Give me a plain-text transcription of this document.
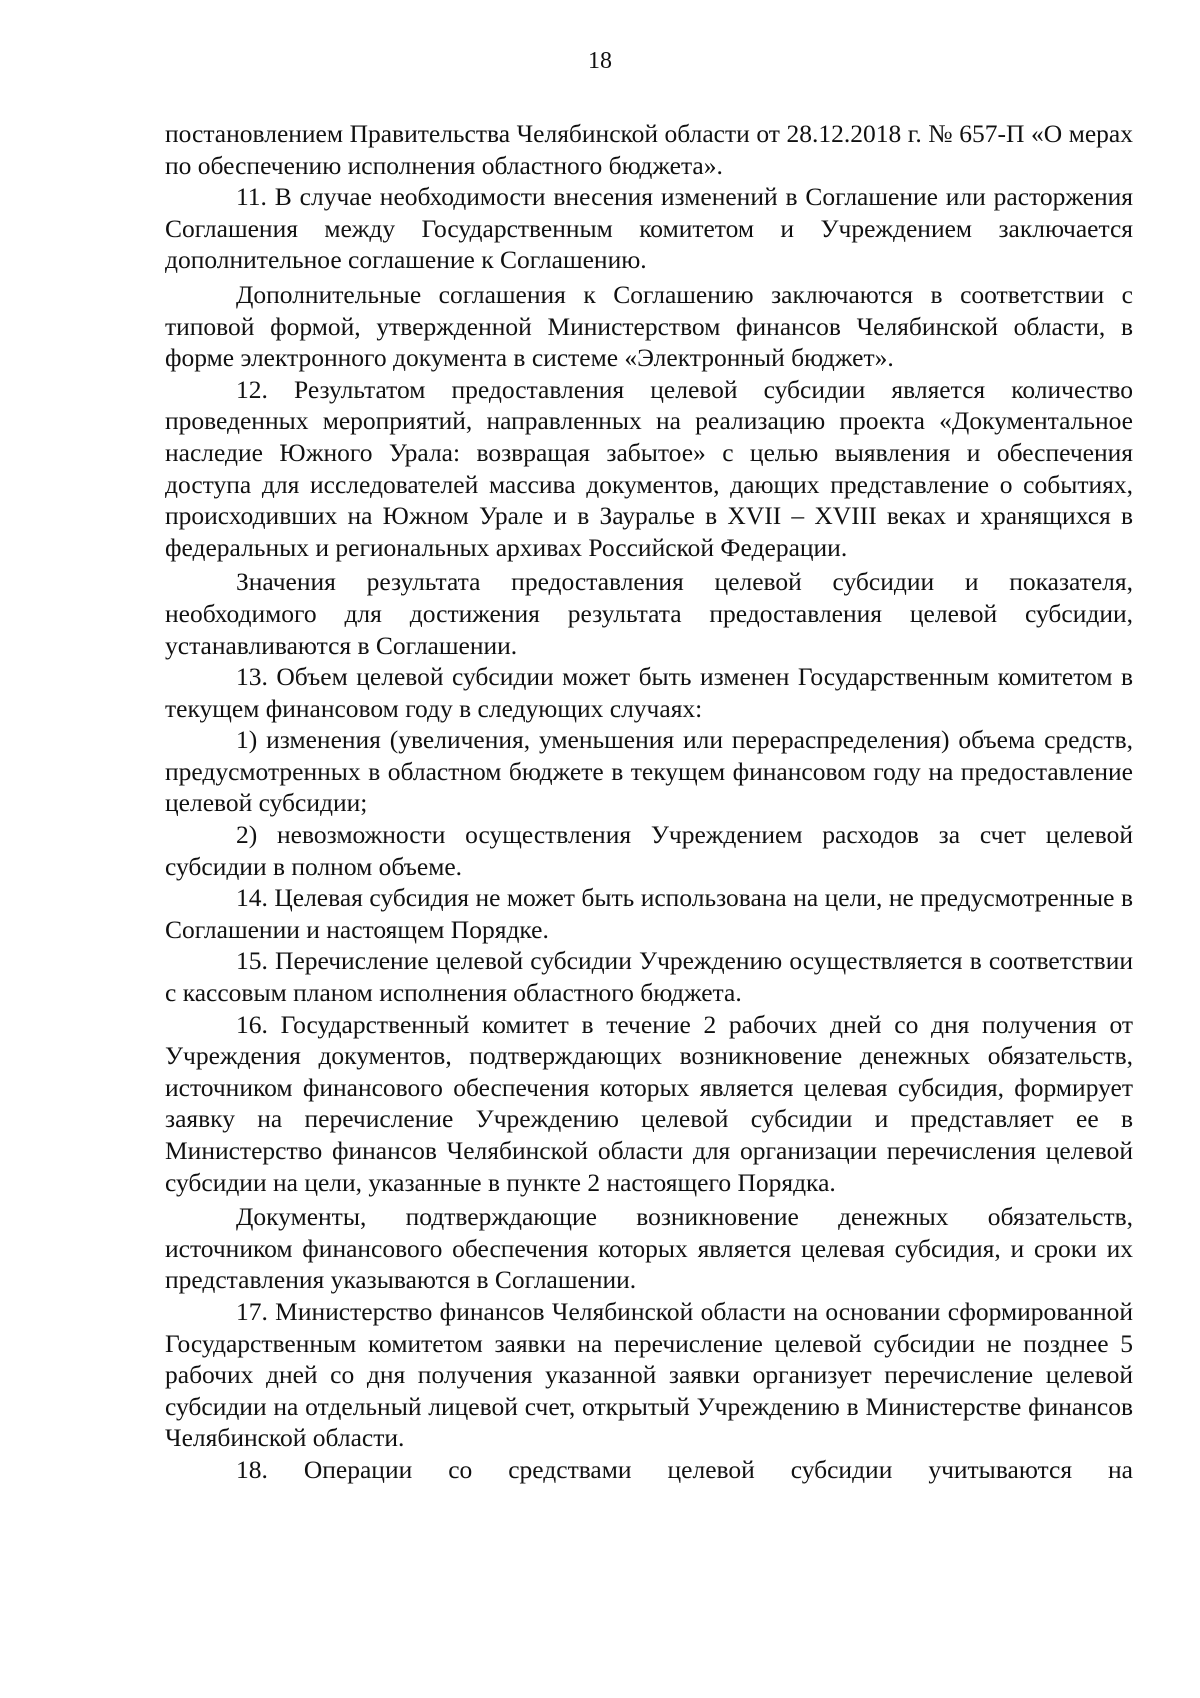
18

постановлением Правительства Челябинской области от 28.12.2018 г. № 657-П «О мерах по обеспечению исполнения областного бюджета».

11. В случае необходимости внесения изменений в Соглашение или расторжения Соглашения между Государственным комитетом и Учреждением заключается дополнительное соглашение к Соглашению.

Дополнительные соглашения к Соглашению заключаются в соответствии с типовой формой, утвержденной Министерством финансов Челябинской области, в форме электронного документа в системе «Электронный бюджет».

12. Результатом предоставления целевой субсидии является количество проведенных мероприятий, направленных на реализацию проекта «Документальное наследие Южного Урала: возвращая забытое» с целью выявления и обеспечения доступа для исследователей массива документов, дающих представление о событиях, происходивших на Южном Урале и в Зауралье в XVII – XVIII веках и хранящихся в федеральных и региональных архивах Российской Федерации.

Значения результата предоставления целевой субсидии и показателя, необходимого для достижения результата предоставления целевой субсидии, устанавливаются в Соглашении.

13. Объем целевой субсидии может быть изменен Государственным комитетом в текущем финансовом году в следующих случаях:

1) изменения (увеличения, уменьшения или перераспределения) объема средств, предусмотренных в областном бюджете в текущем финансовом году на предоставление целевой субсидии;

2) невозможности осуществления Учреждением расходов за счет целевой субсидии в полном объеме.

14. Целевая субсидия не может быть использована на цели, не предусмотренные в Соглашении и настоящем Порядке.

15. Перечисление целевой субсидии Учреждению осуществляется в соответствии с кассовым планом исполнения областного бюджета.

16. Государственный комитет в течение 2 рабочих дней со дня получения от Учреждения документов, подтверждающих возникновение денежных обязательств, источником финансового обеспечения которых является целевая субсидия, формирует заявку на перечисление Учреждению целевой субсидии и представляет ее в Министерство финансов Челябинской области для организации перечисления целевой субсидии на цели, указанные в пункте 2 настоящего Порядка.

Документы, подтверждающие возникновение денежных обязательств, источником финансового обеспечения которых является целевая субсидия, и сроки их представления указываются в Соглашении.

17. Министерство финансов Челябинской области на основании сформированной Государственным комитетом заявки на перечисление целевой субсидии не позднее 5 рабочих дней со дня получения указанной заявки организует перечисление целевой субсидии на отдельный лицевой счет, открытый Учреждению в Министерстве финансов Челябинской области.

18. Операции со средствами целевой субсидии учитываются на
